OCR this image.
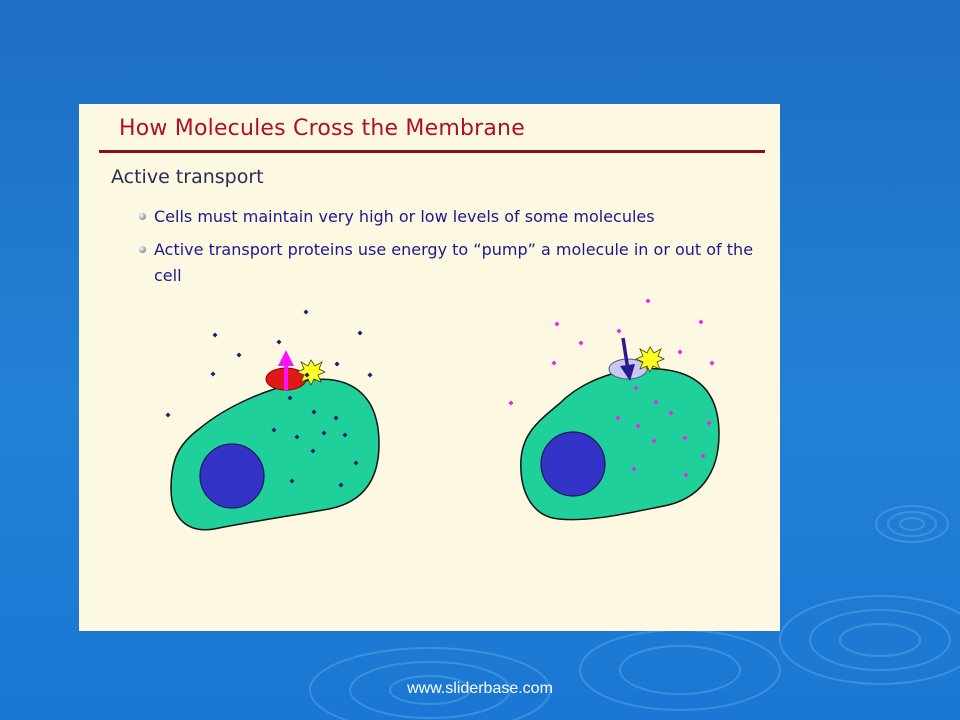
How Molecules Cross the Membrane
Active transport
Cells must maintain very high or low levels of some molecules
Active transport proteins use energy to “pump” a molecule in or out of the cell
www.sliderbase.com
